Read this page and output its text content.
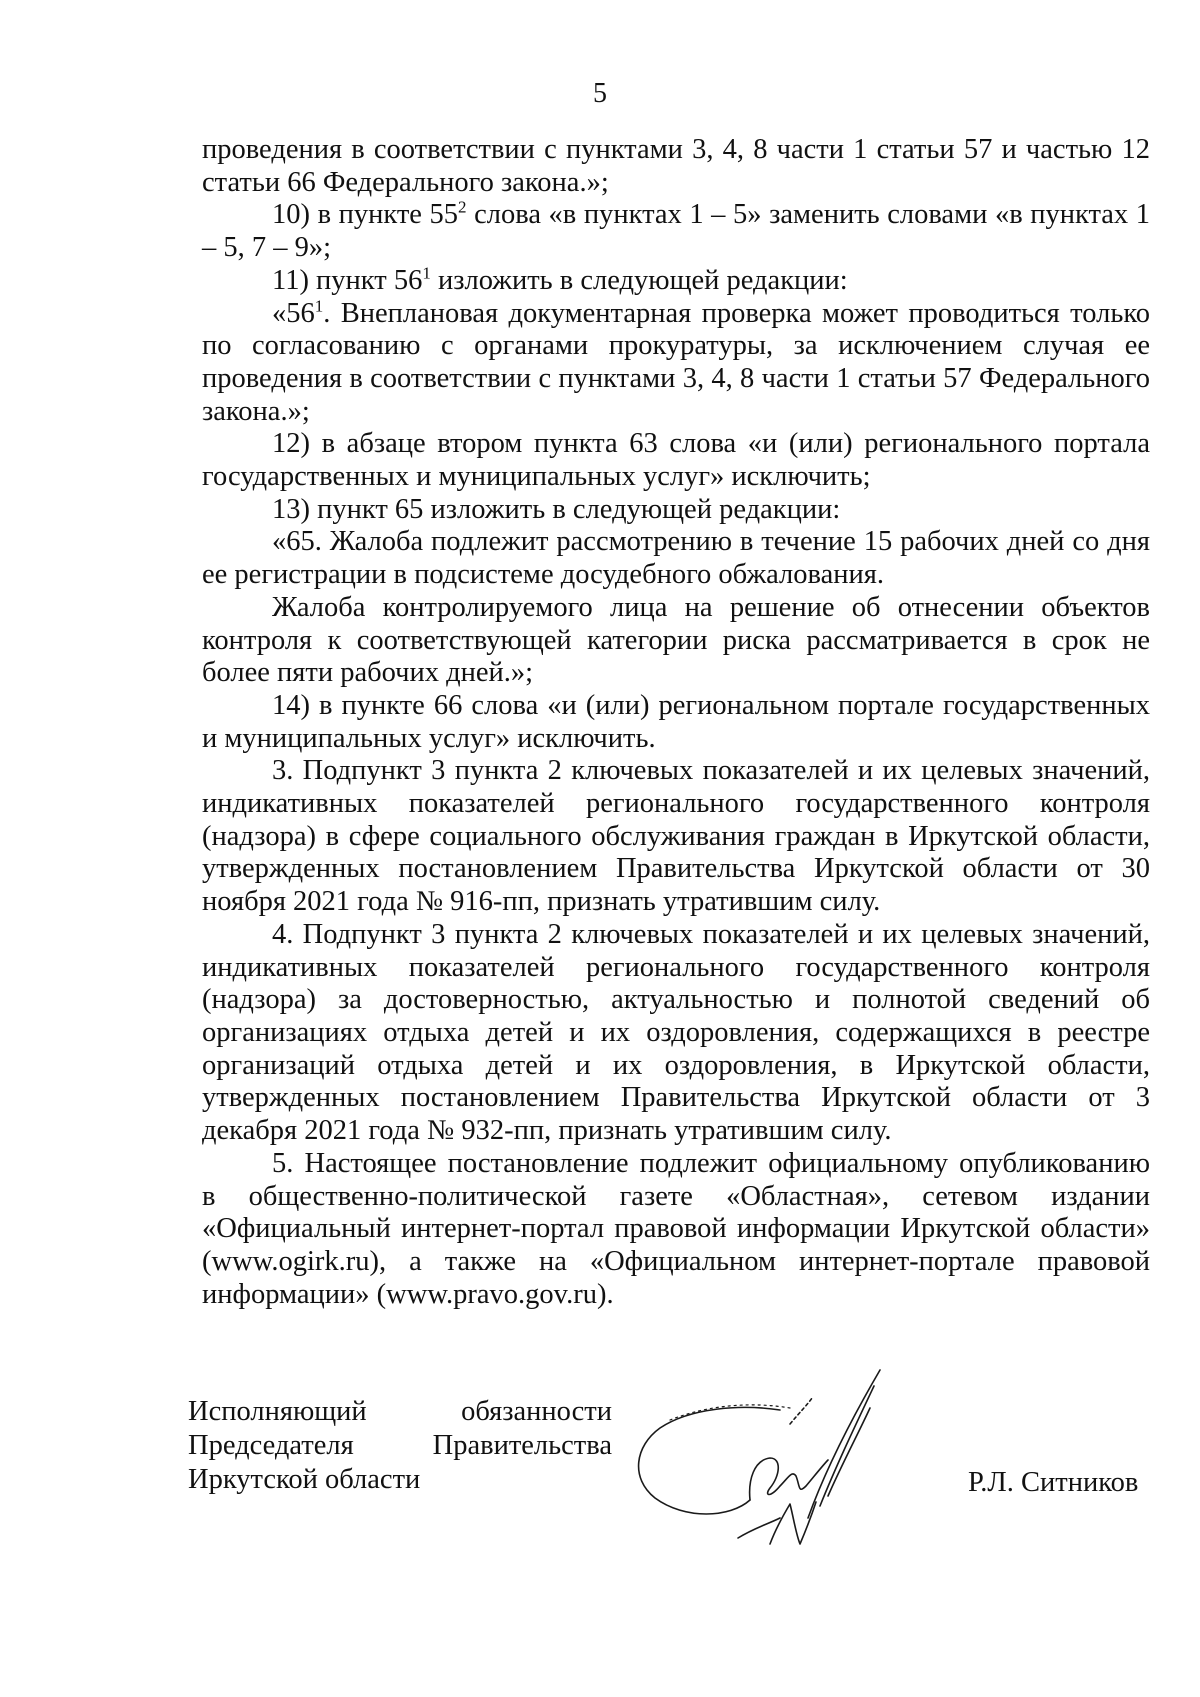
5

проведения в соответствии с пунктами 3, 4, 8 части 1 статьи 57 и частью 12 статьи 66 Федерального закона.»;

10) в пункте $55^2$ слова «в пунктах 1 – 5» заменить словами «в пунктах 1 – 5, 7 – 9»;

11) пункт $56^1$ изложить в следующей редакции:

«$56^1$. Внеплановая документарная проверка может проводиться только по согласованию с органами прокуратуры, за исключением случая ее проведения в соответствии с пунктами 3, 4, 8 части 1 статьи 57 Федерального закона.»;

12) в абзаце втором пункта 63 слова «и (или) регионального портала государственных и муниципальных услуг» исключить;

13) пункт 65 изложить в следующей редакции:

«65. Жалоба подлежит рассмотрению в течение 15 рабочих дней со дня ее регистрации в подсистеме досудебного обжалования.

Жалоба контролируемого лица на решение об отнесении объектов контроля к соответствующей категории риска рассматривается в срок не более пяти рабочих дней.»;

14) в пункте 66 слова «и (или) региональном портале государственных и муниципальных услуг» исключить.

3. Подпункт 3 пункта 2 ключевых показателей и их целевых значений, индикативных показателей регионального государственного контроля (надзора) в сфере социального обслуживания граждан в Иркутской области, утвержденных постановлением Правительства Иркутской области от 30 ноября 2021 года № 916-пп, признать утратившим силу.

4. Подпункт 3 пункта 2 ключевых показателей и их целевых значений, индикативных показателей регионального государственного контроля (надзора) за достоверностью, актуальностью и полнотой сведений об организациях отдыха детей и их оздоровления, содержащихся в реестре организаций отдыха детей и их оздоровления, в Иркутской области, утвержденных постановлением Правительства Иркутской области от 3 декабря 2021 года № 932-пп, признать утратившим силу.

5. Настоящее постановление подлежит официальному опубликованию в общественно-политической газете «Областная», сетевом издании «Официальный интернет-портал правовой информации Иркутской области» (www.ogirk.ru), а также на «Официальном интернет-портале правовой информации» (www.pravo.gov.ru).

Исполняющий	обязанности
Председателя	Правительства
Иркутской области	Р.Л. Ситников
